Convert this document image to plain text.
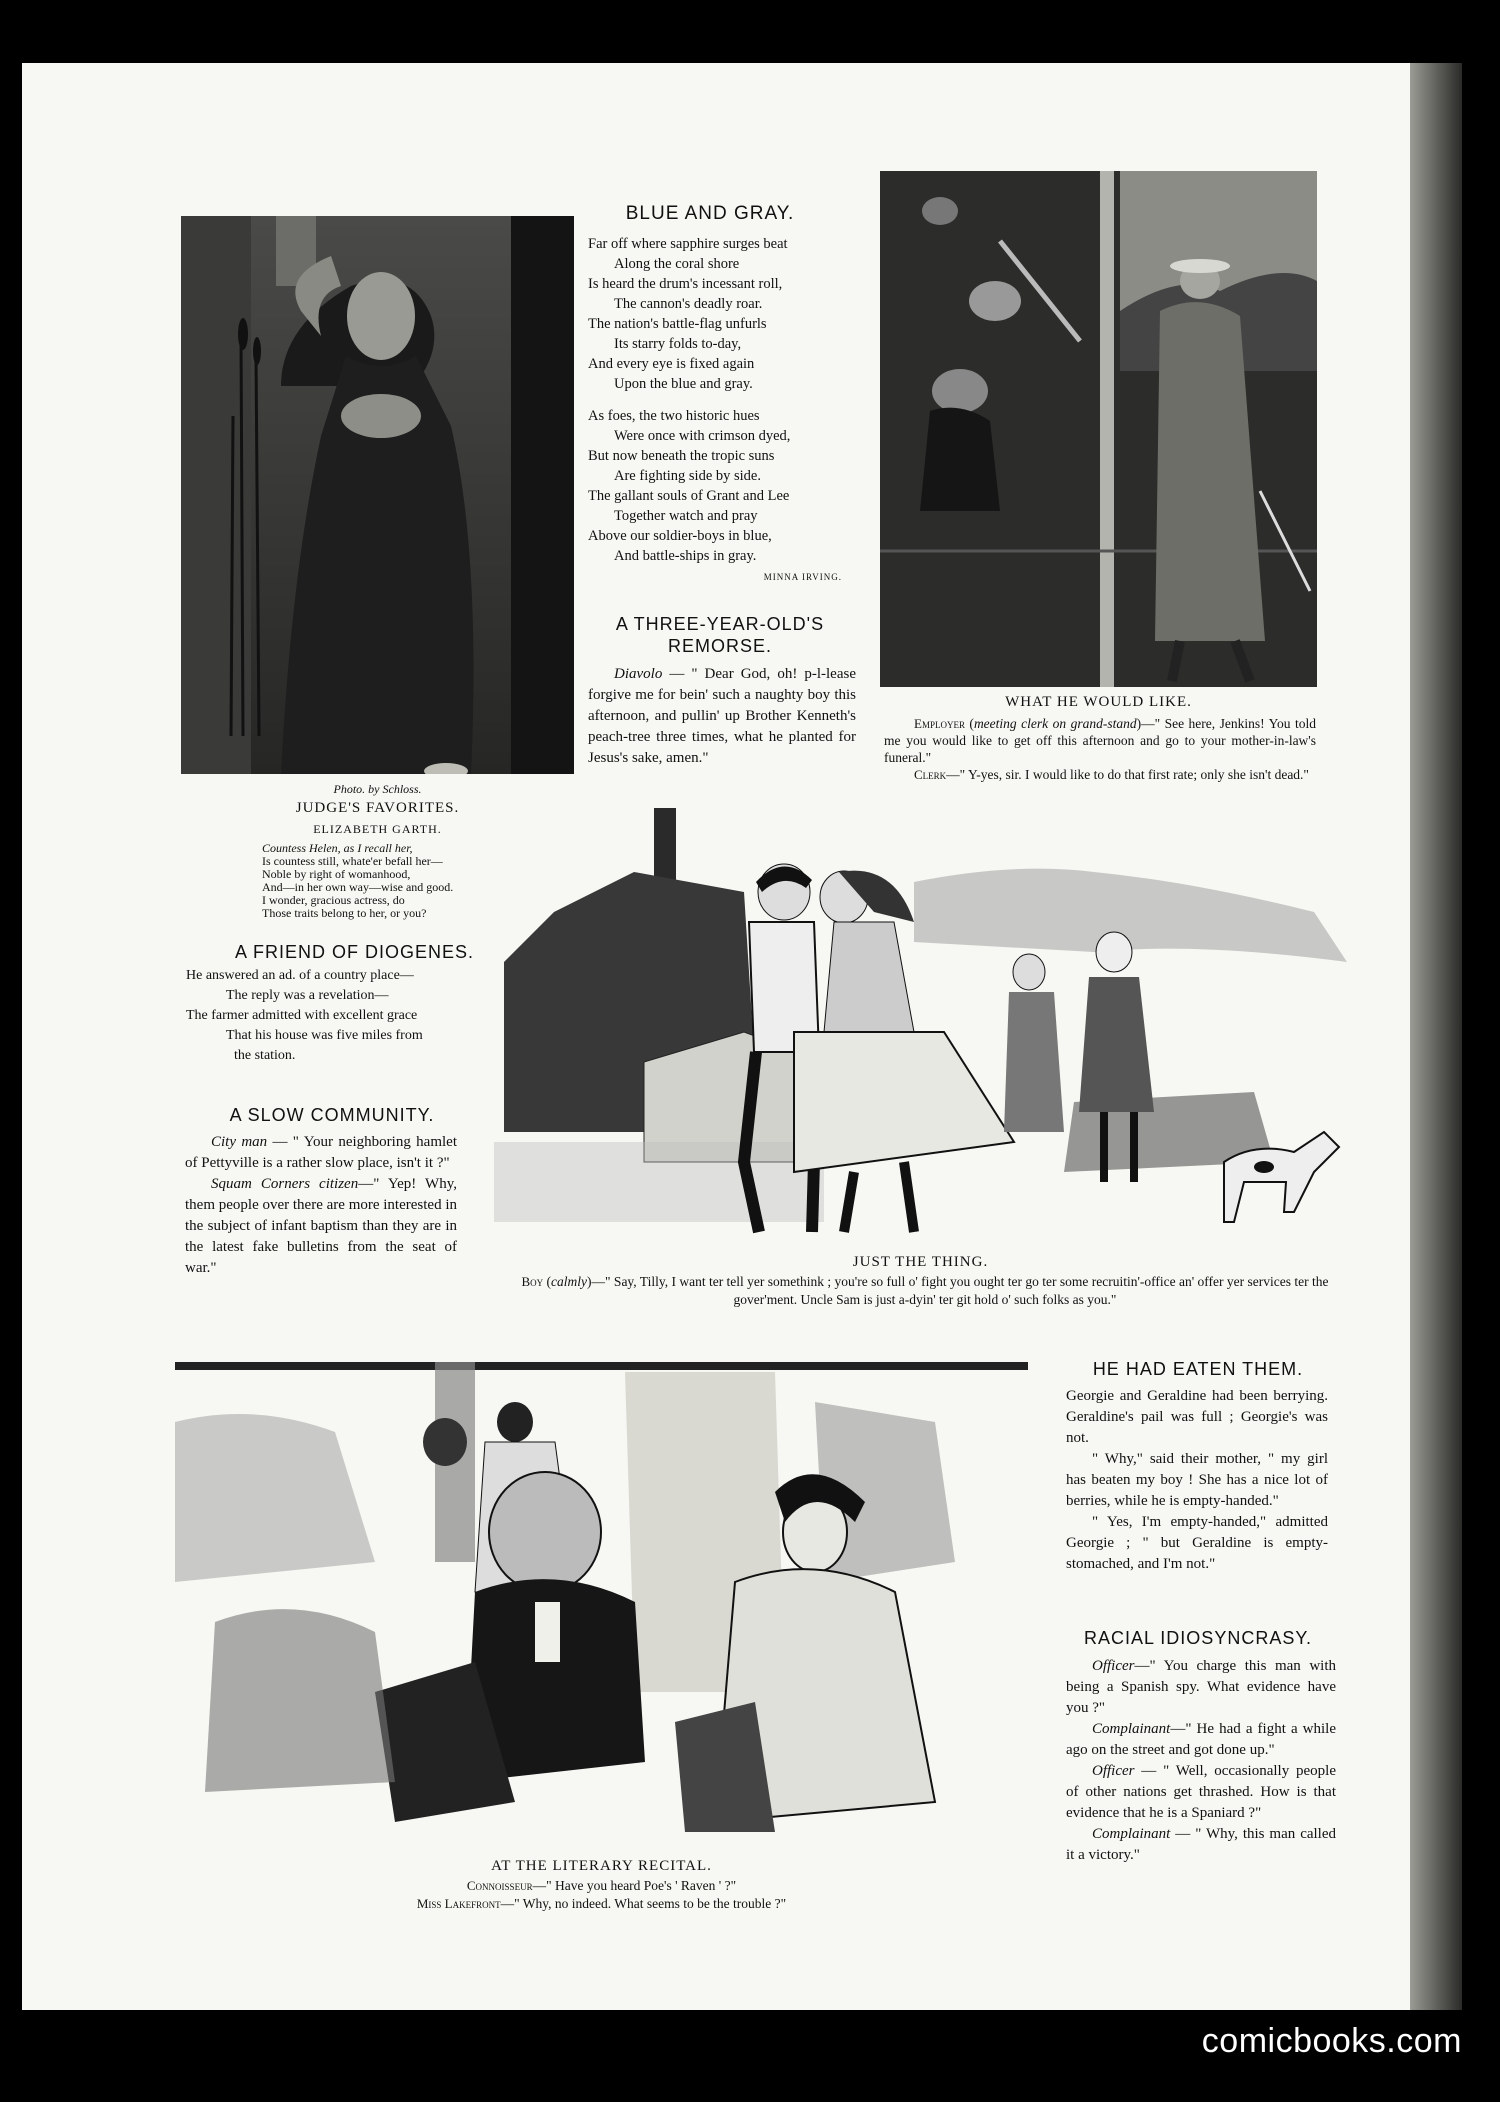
Photo. by Schloss.
JUDGE'S FAVORITES.
ELIZABETH GARTH.
Countess Helen, as I recall her,
Is countess still, whate'er befall her—
Noble by right of womanhood,
And—in her own way—wise and good.
I wonder, gracious actress, do
Those traits belong to her, or you?
BLUE AND GRAY.
Far off where sapphire surges beat
Along the coral shore
Is heard the drum's incessant roll,
The cannon's deadly roar.
The nation's battle-flag unfurls
Its starry folds to-day,
And every eye is fixed again
Upon the blue and gray.
As foes, the two historic hues
Were once with crimson dyed,
But now beneath the tropic suns
Are fighting side by side.
The gallant souls of Grant and Lee
Together watch and pray
Above our soldier-boys in blue,
And battle-ships in gray.
MINNA IRVING.
A THREE-YEAR-OLD'S
REMORSE.

Diavolo — " Dear God, oh! p-l-lease forgive me for bein' such a naughty boy this afternoon, and pullin' up Brother Kenneth's peach-tree three times, what he planted for Jesus's sake, amen."

WHAT HE WOULD LIKE.
Employer (meeting clerk on grand-stand)—" See here, Jenkins! You told me you would like to get off this afternoon and go to your mother-in-law's funeral."
Clerk—" Y-yes, sir. I would like to do that first rate; only she isn't dead."
A FRIEND OF DIOGENES.
He answered an ad. of a country place—
The reply was a revelation—
The farmer admitted with excellent grace
That his house was five miles from
the station.
A SLOW COMMUNITY.

City man — " Your neighboring hamlet of Pettyville is a rather slow place, isn't it ?"

Squam Corners citizen—" Yep! Why, them people over there are more interested in the subject of infant baptism than they are in the latest fake bulletins from the seat of war."	JUST THE THING.
Boy (calmly)—" Say, Tilly, I want ter tell yer somethink ; you're so full o' fight you ought ter go ter some recruitin'-office an' offer yer services ter the gover'ment. Uncle Sam is just a-dyin' ter git hold o' such folks as you."
AT THE LITERARY RECITAL.
Connoisseur—" Have you heard Poe's ' Raven ' ?"
Miss Lakefront—" Why, no indeed. What seems to be the trouble ?"
HE HAD EATEN THEM.

Georgie and Geraldine had been berrying. Geraldine's pail was full ; Georgie's was not.

" Why," said their mother, " my girl has beaten my boy ! She has a nice lot of berries, while he is empty-handed."

" Yes, I'm empty-handed," admitted Georgie ; " but Geraldine is empty-stomached, and I'm not."

RACIAL IDIOSYNCRASY.

Officer—" You charge this man with being a Spanish spy. What evidence have you ?"

Complainant—" He had a fight a while ago on the street and got done up."

Officer — " Well, occasionally people of other nations get thrashed. How is that evidence that he is a Spaniard ?"

Complainant — " Why, this man called it a victory."

comicbooks.com
